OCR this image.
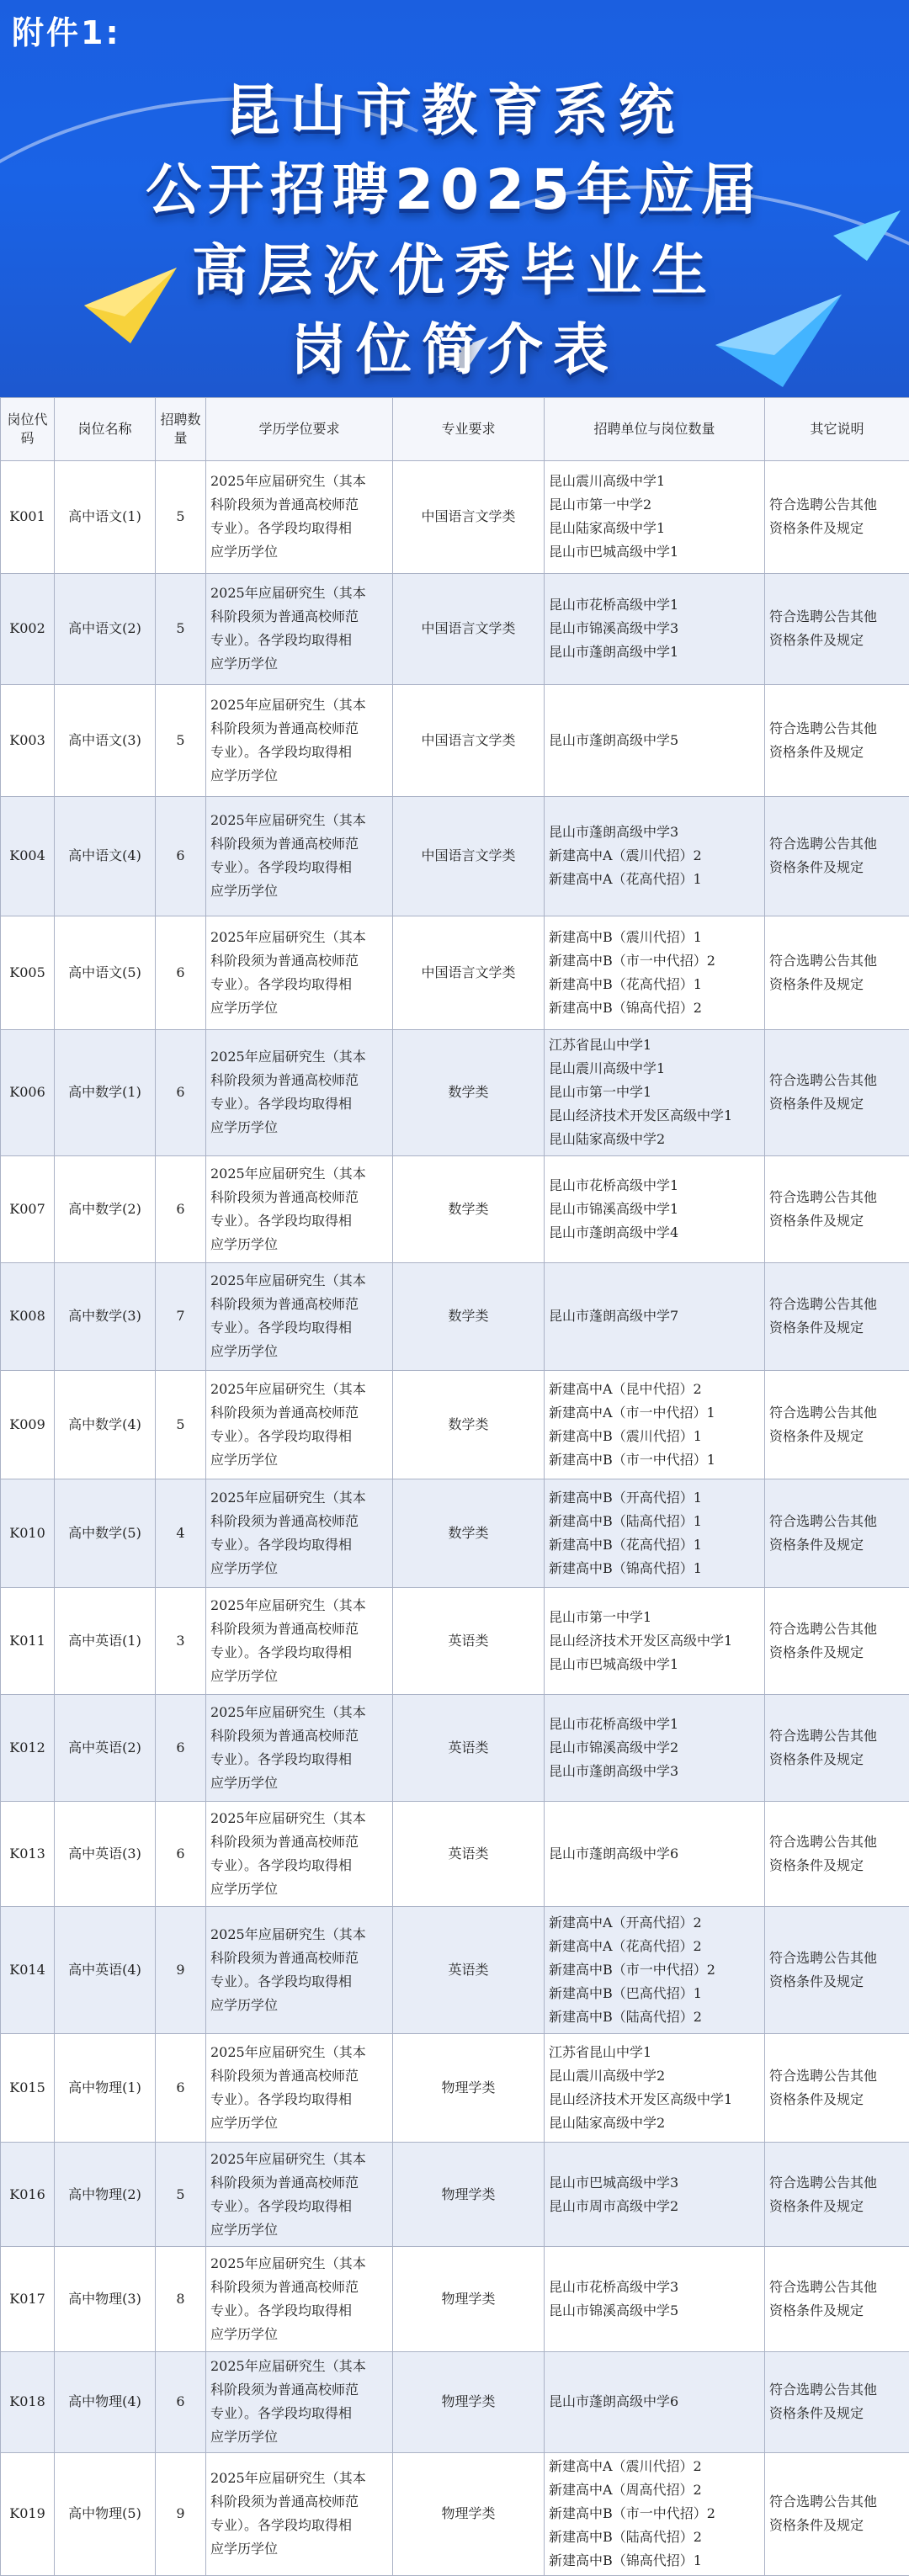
附件1:
昆山市教育系统
公开招聘2025年应届
高层次优秀毕业生
岗位简介表
岗位代码	岗位名称	招聘数量	学历学位要求	专业要求	招聘单位与岗位数量	其它说明
K001	高中语文(1)	5	2025年应届研究生（其本
科阶段须为普通高校师范
专业）。各学段均取得相
应学历学位	中国语言文学类	昆山震川高级中学1
昆山市第一中学2
昆山陆家高级中学1
昆山市巴城高级中学1	符合选聘公告其他
资格条件及规定

K002	高中语文(2)	5	2025年应届研究生（其本
科阶段须为普通高校师范
专业）。各学段均取得相
应学历学位	中国语言文学类	昆山市花桥高级中学1
昆山市锦溪高级中学3
昆山市蓬朗高级中学1	符合选聘公告其他
资格条件及规定

K003	高中语文(3)	5	2025年应届研究生（其本
科阶段须为普通高校师范
专业）。各学段均取得相
应学历学位	中国语言文学类	昆山市蓬朗高级中学5	符合选聘公告其他
资格条件及规定

K004	高中语文(4)	6	2025年应届研究生（其本
科阶段须为普通高校师范
专业）。各学段均取得相
应学历学位	中国语言文学类	昆山市蓬朗高级中学3
新建高中A（震川代招）2
新建高中A（花高代招）1	符合选聘公告其他
资格条件及规定

K005	高中语文(5)	6	2025年应届研究生（其本
科阶段须为普通高校师范
专业）。各学段均取得相
应学历学位	中国语言文学类	新建高中B（震川代招）1
新建高中B（市一中代招）2
新建高中B（花高代招）1
新建高中B（锦高代招）2	符合选聘公告其他
资格条件及规定

K006	高中数学(1)	6	2025年应届研究生（其本
科阶段须为普通高校师范
专业）。各学段均取得相
应学历学位	数学类	江苏省昆山中学1
昆山震川高级中学1
昆山市第一中学1
昆山经济技术开发区高级中学1
昆山陆家高级中学2	符合选聘公告其他
资格条件及规定

K007	高中数学(2)	6	2025年应届研究生（其本
科阶段须为普通高校师范
专业）。各学段均取得相
应学历学位	数学类	昆山市花桥高级中学1
昆山市锦溪高级中学1
昆山市蓬朗高级中学4	符合选聘公告其他
资格条件及规定

K008	高中数学(3)	7	2025年应届研究生（其本
科阶段须为普通高校师范
专业）。各学段均取得相
应学历学位	数学类	昆山市蓬朗高级中学7	符合选聘公告其他
资格条件及规定

K009	高中数学(4)	5	2025年应届研究生（其本
科阶段须为普通高校师范
专业）。各学段均取得相
应学历学位	数学类	新建高中A（昆中代招）2
新建高中A（市一中代招）1
新建高中B（震川代招）1
新建高中B（市一中代招）1	符合选聘公告其他
资格条件及规定

K010	高中数学(5)	4	2025年应届研究生（其本
科阶段须为普通高校师范
专业）。各学段均取得相
应学历学位	数学类	新建高中B（开高代招）1
新建高中B（陆高代招）1
新建高中B（花高代招）1
新建高中B（锦高代招）1	符合选聘公告其他
资格条件及规定

K011	高中英语(1)	3	2025年应届研究生（其本
科阶段须为普通高校师范
专业）。各学段均取得相
应学历学位	英语类	昆山市第一中学1
昆山经济技术开发区高级中学1
昆山市巴城高级中学1	符合选聘公告其他
资格条件及规定

K012	高中英语(2)	6	2025年应届研究生（其本
科阶段须为普通高校师范
专业）。各学段均取得相
应学历学位	英语类	昆山市花桥高级中学1
昆山市锦溪高级中学2
昆山市蓬朗高级中学3	符合选聘公告其他
资格条件及规定

K013	高中英语(3)	6	2025年应届研究生（其本
科阶段须为普通高校师范
专业）。各学段均取得相
应学历学位	英语类	昆山市蓬朗高级中学6	符合选聘公告其他
资格条件及规定

K014	高中英语(4)	9	2025年应届研究生（其本
科阶段须为普通高校师范
专业）。各学段均取得相
应学历学位	英语类	新建高中A（开高代招）2
新建高中A（花高代招）2
新建高中B（市一中代招）2
新建高中B（巴高代招）1
新建高中B（陆高代招）2	符合选聘公告其他
资格条件及规定

K015	高中物理(1)	6	2025年应届研究生（其本
科阶段须为普通高校师范
专业）。各学段均取得相
应学历学位	物理学类	江苏省昆山中学1
昆山震川高级中学2
昆山经济技术开发区高级中学1
昆山陆家高级中学2	符合选聘公告其他
资格条件及规定

K016	高中物理(2)	5	2025年应届研究生（其本
科阶段须为普通高校师范
专业）。各学段均取得相
应学历学位	物理学类	昆山市巴城高级中学3
昆山市周市高级中学2	符合选聘公告其他
资格条件及规定

K017	高中物理(3)	8	2025年应届研究生（其本
科阶段须为普通高校师范
专业）。各学段均取得相
应学历学位	物理学类	昆山市花桥高级中学3
昆山市锦溪高级中学5	符合选聘公告其他
资格条件及规定

K018	高中物理(4)	6	2025年应届研究生（其本
科阶段须为普通高校师范
专业）。各学段均取得相
应学历学位	物理学类	昆山市蓬朗高级中学6	符合选聘公告其他
资格条件及规定

K019	高中物理(5)	9	2025年应届研究生（其本
科阶段须为普通高校师范
专业）。各学段均取得相
应学历学位	物理学类	新建高中A（震川代招）2
新建高中A（周高代招）2
新建高中B（市一中代招）2
新建高中B（陆高代招）2
新建高中B（锦高代招）1	符合选聘公告其他
资格条件及规定
